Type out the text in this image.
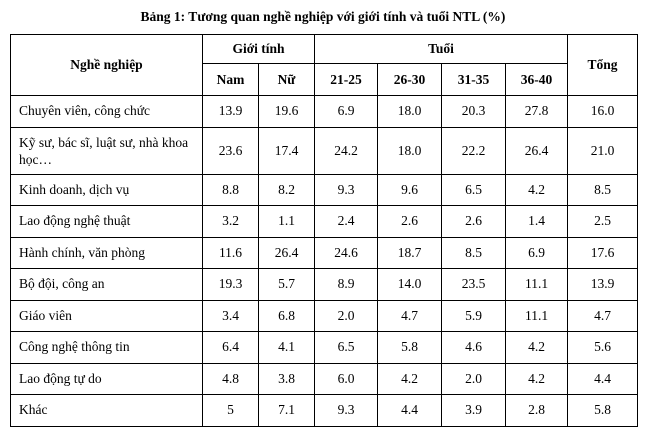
Bảng 1: Tương quan nghề nghiệp với giới tính và tuổi NTL (%)
Nghề nghiệp	Giới tính		Tuổi				Tổng
	Nam	Nữ	21-25	26-30	31-35	36-40	
Chuyên viên, công chức	13.9	19.6	6.9	18.0	20.3	27.8	16.0
Kỹ sư, bác sĩ, luật sư, nhà khoa học…	23.6	17.4	24.2	18.0	22.2	26.4	21.0
Kinh doanh, dịch vụ	8.8	8.2	9.3	9.6	6.5	4.2	8.5
Lao động nghệ thuật	3.2	1.1	2.4	2.6	2.6	1.4	2.5
Hành chính, văn phòng	11.6	26.4	24.6	18.7	8.5	6.9	17.6
Bộ đội, công an	19.3	5.7	8.9	14.0	23.5	11.1	13.9
Giáo viên	3.4	6.8	2.0	4.7	5.9	11.1	4.7
Công nghệ thông tin	6.4	4.1	6.5	5.8	4.6	4.2	5.6
Lao động tự do	4.8	3.8	6.0	4.2	2.0	4.2	4.4
Khác	5	7.1	9.3	4.4	3.9	2.8	5.8
